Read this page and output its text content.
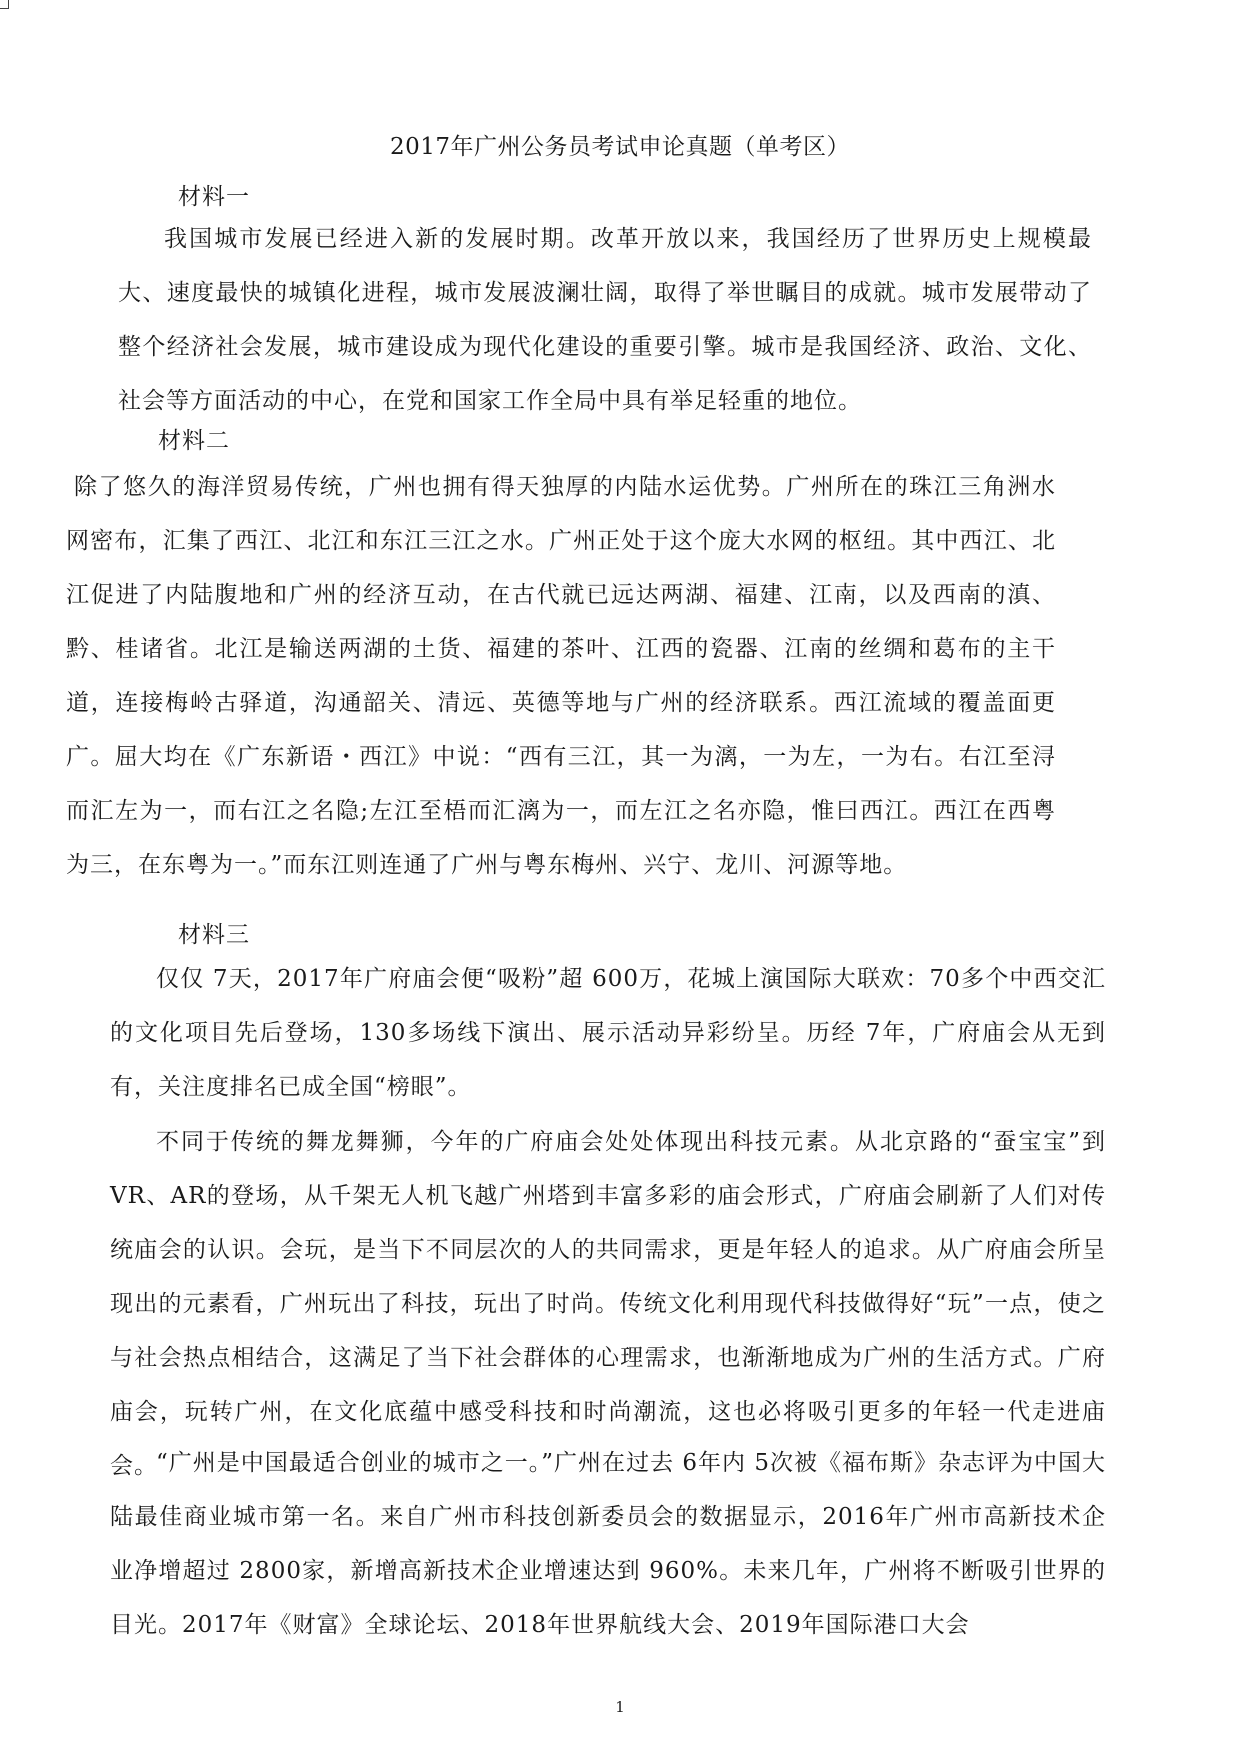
2017年广州公务员考试申论真题（单考区）
材料一

我国城市发展已经进入新的发展时期。改革开放以来，我国经历了世界历史上规模最大、速度最快的城镇化进程，城市发展波澜壮阔，取得了举世瞩目的成就。城市发展带动了整个经济社会发展，城市建设成为现代化建设的重要引擎。城市是我国经济、政治、文化、社会等方面活动的中心，在党和国家工作全局中具有举足轻重的地位。

材料二

除了悠久的海洋贸易传统，广州也拥有得天独厚的内陆水运优势。广州所在的珠江三角洲水网密布，汇集了西江、北江和东江三江之水。广州正处于这个庞大水网的枢纽。其中西江、北江促进了内陆腹地和广州的经济互动，在古代就已远达两湖、福建、江南，以及西南的滇、黔、桂诸省。北江是输送两湖的土货、福建的茶叶、江西的瓷器、江南的丝绸和葛布的主干道，连接梅岭古驿道，沟通韶关、清远、英德等地与广州的经济联系。西江流域的覆盖面更广。屈大均在《广东新语・西江》中说：“西有三江，其一为漓，一为左，一为右。右江至浔而汇左为一，而右江之名隐;左江至梧而汇漓为一，而左江之名亦隐，惟曰西江。西江在西粤为三，在东粤为一。”而东江则连通了广州与粤东梅州、兴宁、龙川、河源等地。

材料三

仅仅 7天，2017年广府庙会便“吸粉”超 600万，花城上演国际大联欢：70多个中西交汇的文化项目先后登场，130多场线下演出、展示活动异彩纷呈。历经 7年，广府庙会从无到有，关注度排名已成全国“榜眼”。

不同于传统的舞龙舞狮，今年的广府庙会处处体现出科技元素。从北京路的“蚕宝宝”到 VR、AR的登场，从千架无人机飞越广州塔到丰富多彩的庙会形式，广府庙会刷新了人们对传统庙会的认识。会玩，是当下不同层次的人的共同需求，更是年轻人的追求。从广府庙会所呈现出的元素看，广州玩出了科技，玩出了时尚。传统文化利用现代科技做得好“玩”一点，使之与社会热点相结合，这满足了当下社会群体的心理需求，也渐渐地成为广州的生活方式。广府庙会，玩转广州，在文化底蕴中感受科技和时尚潮流，这也必将吸引更多的年轻一代走进庙会。

“广州是中国最适合创业的城市之一。”广州在过去 6年内 5次被《福布斯》杂志评为中国大陆最佳商业城市第一名。来自广州市科技创新委员会的数据显示，2016年广州市高新技术企业净增超过 2800家，新增高新技术企业增速达到 960%。未来几年，广州将不断吸引世界的目光。2017年《财富》全球论坛、2018年世界航线大会、2019年国际港口大会

1
